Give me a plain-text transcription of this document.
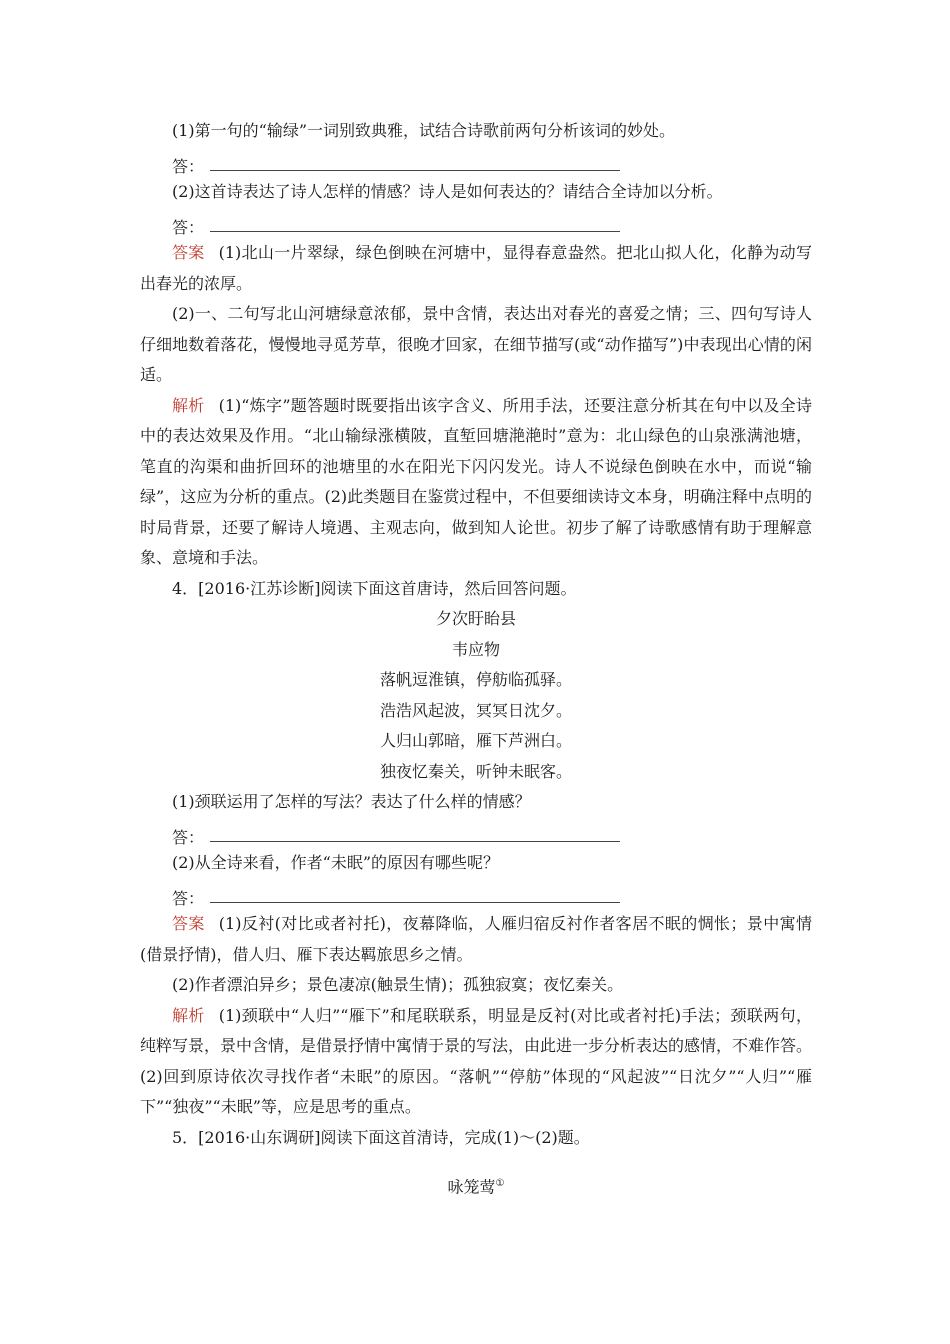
(1)第一句的“输绿”一词别致典雅，试结合诗歌前两句分析该词的妙处。

答：

(2)这首诗表达了诗人怎样的情感？诗人是如何表达的？请结合全诗加以分析。

答：

答案 (1)北山一片翠绿，绿色倒映在河塘中，显得春意盎然。把北山拟人化，化静为动写出春光的浓厚。

(2)一、二句写北山河塘绿意浓郁，景中含情，表达出对春光的喜爱之情；三、四句写诗人仔细地数着落花，慢慢地寻觅芳草，很晚才回家，在细节描写(或“动作描写”)中表现出心情的闲适。

解析 (1)“炼字”题答题时既要指出该字含义、所用手法，还要注意分析其在句中以及全诗中的表达效果及作用。“北山输绿涨横陂，直堑回塘滟滟时”意为：北山绿色的山泉涨满池塘，笔直的沟渠和曲折回环的池塘里的水在阳光下闪闪发光。诗人不说绿色倒映在水中，而说“输绿”，这应为分析的重点。(2)此类题目在鉴赏过程中，不但要细读诗文本身，明确注释中点明的时局背景，还要了解诗人境遇、主观志向，做到知人论世。初步了解了诗歌感情有助于理解意象、意境和手法。

4．[2016·江苏诊断]阅读下面这首唐诗，然后回答问题。

夕次盱眙县

韦应物

落帆逗淮镇，停舫临孤驿。

浩浩风起波，冥冥日沈夕。

人归山郭暗，雁下芦洲白。

独夜忆秦关，听钟未眠客。

(1)颈联运用了怎样的写法？表达了什么样的情感？

答：

(2)从全诗来看，作者“未眠”的原因有哪些呢？

答：

答案 (1)反衬(对比或者衬托)，夜幕降临，人雁归宿反衬作者客居不眠的惆怅；景中寓情(借景抒情)，借人归、雁下表达羁旅思乡之情。

(2)作者漂泊异乡；景色凄凉(触景生情)；孤独寂寞；夜忆秦关。

解析 (1)颈联中“人归”“雁下”和尾联联系，明显是反衬(对比或者衬托)手法；颈联两句，纯粹写景，景中含情，是借景抒情中寓情于景的写法，由此进一步分析表达的感情，不难作答。(2)回到原诗依次寻找作者“未眠”的原因。“落帆”“停舫”体现的“风起波”“日沈夕”“人归”“雁下”“独夜”“未眠”等，应是思考的重点。

5．[2016·山东调研]阅读下面这首清诗，完成(1)～(2)题。

咏笼莺①
